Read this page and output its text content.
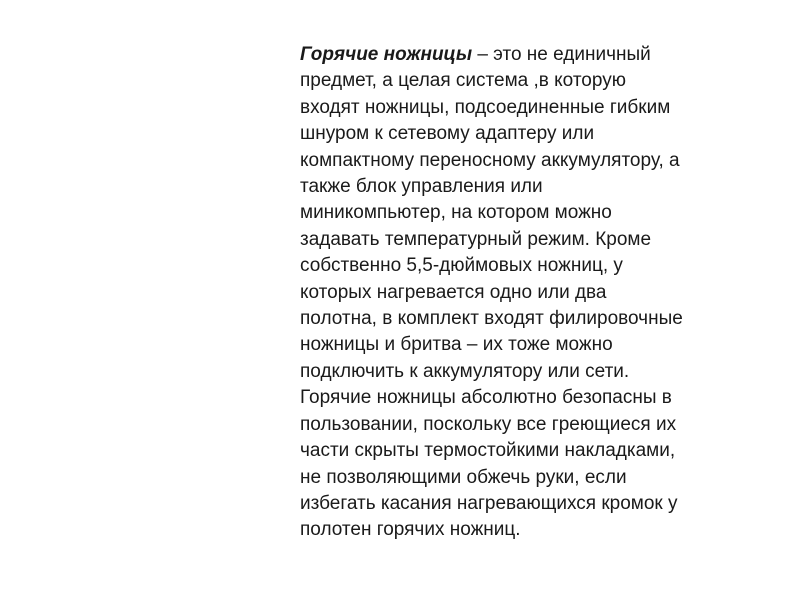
Горячие ножницы – это не единичный
предмет, а целая система ,в которую
входят ножницы, подсоединенные гибким
шнуром к сетевому адаптеру или
компактному переносному аккумулятору, а
также блок управления или
миникомпьютер, на котором можно
задавать температурный режим. Кроме
собственно 5,5-дюймовых ножниц, у
которых нагревается одно или два
полотна, в комплект входят филировочные
ножницы и бритва – их тоже можно
подключить к аккумулятору или сети.
Горячие ножницы абсолютно безопасны в
пользовании, поскольку все греющиеся их
части скрыты термостойкими накладками,
не позволяющими обжечь руки, если
избегать касания нагревающихся кромок у
полотен горячих ножниц.
